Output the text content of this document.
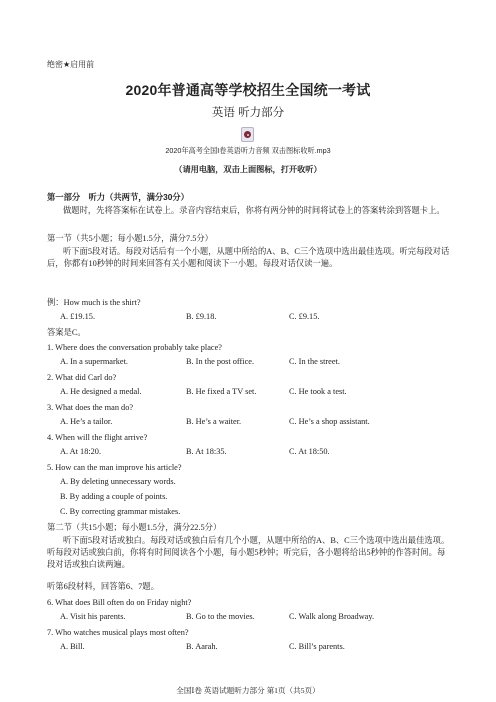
绝密★启用前
2020年普通高等学校招生全国统一考试
英语 听力部分
2020年高考全国I卷英语听力音频 双击图标收听.mp3
（请用电脑，双击上面图标，打开收听）
第一部分　听力（共两节，满分30分）
做题时，先将答案标在试卷上。录音内容结束后，你将有两分钟的时间将试卷上的答案转涂到答题卡上。
第一节（共5小题；每小题1.5分，满分7.5分）
听下面5段对话。每段对话后有一个小题，从题中所给的A、B、C三个选项中选出最佳选项。听完每段对话后，你都有10秒钟的时间来回答有关小题和阅读下一小题。每段对话仅读一遍。
例：How much is the shirt?
A. £19.15.	B. £9.18.	C. £9.15.
答案是C。
1. Where does the conversation probably take place?
A. In a supermarket.	B. In the post office.	C. In the street.
2. What did Carl do?
A. He designed a medal.	B. He fixed a TV set.	C. He took a test.
3. What does the man do?
A. He’s a tailor.	B. He’s a waiter.	C. He’s a shop assistant.
4. When will the flight arrive?
A. At 18:20.	B. At 18:35.	C. At 18:50.
5. How can the man improve his article?
A. By deleting unnecessary words.
B. By adding a couple of points.
C. By correcting grammar mistakes.
第二节（共15小题；每小题1.5分，满分22.5分）
听下面5段对话或独白。每段对话或独白后有几个小题，从题中所给的A、B、C三个选项中选出最佳选项。听每段对话或独白前，你将有时间阅读各个小题，每小题5秒钟；听完后，各小题将给出5秒钟的作答时间。每段对话或独白读两遍。
听第6段材料，回答第6、7题。
6. What does Bill often do on Friday night?
A. Visit his parents.	B. Go to the movies.	C. Walk along Broadway.
7. Who watches musical plays most often?
A. Bill.	B. Aarah.	C. Bill’s parents.
全国Ⅰ卷 英语试题听力部分 第1页（共5页）
